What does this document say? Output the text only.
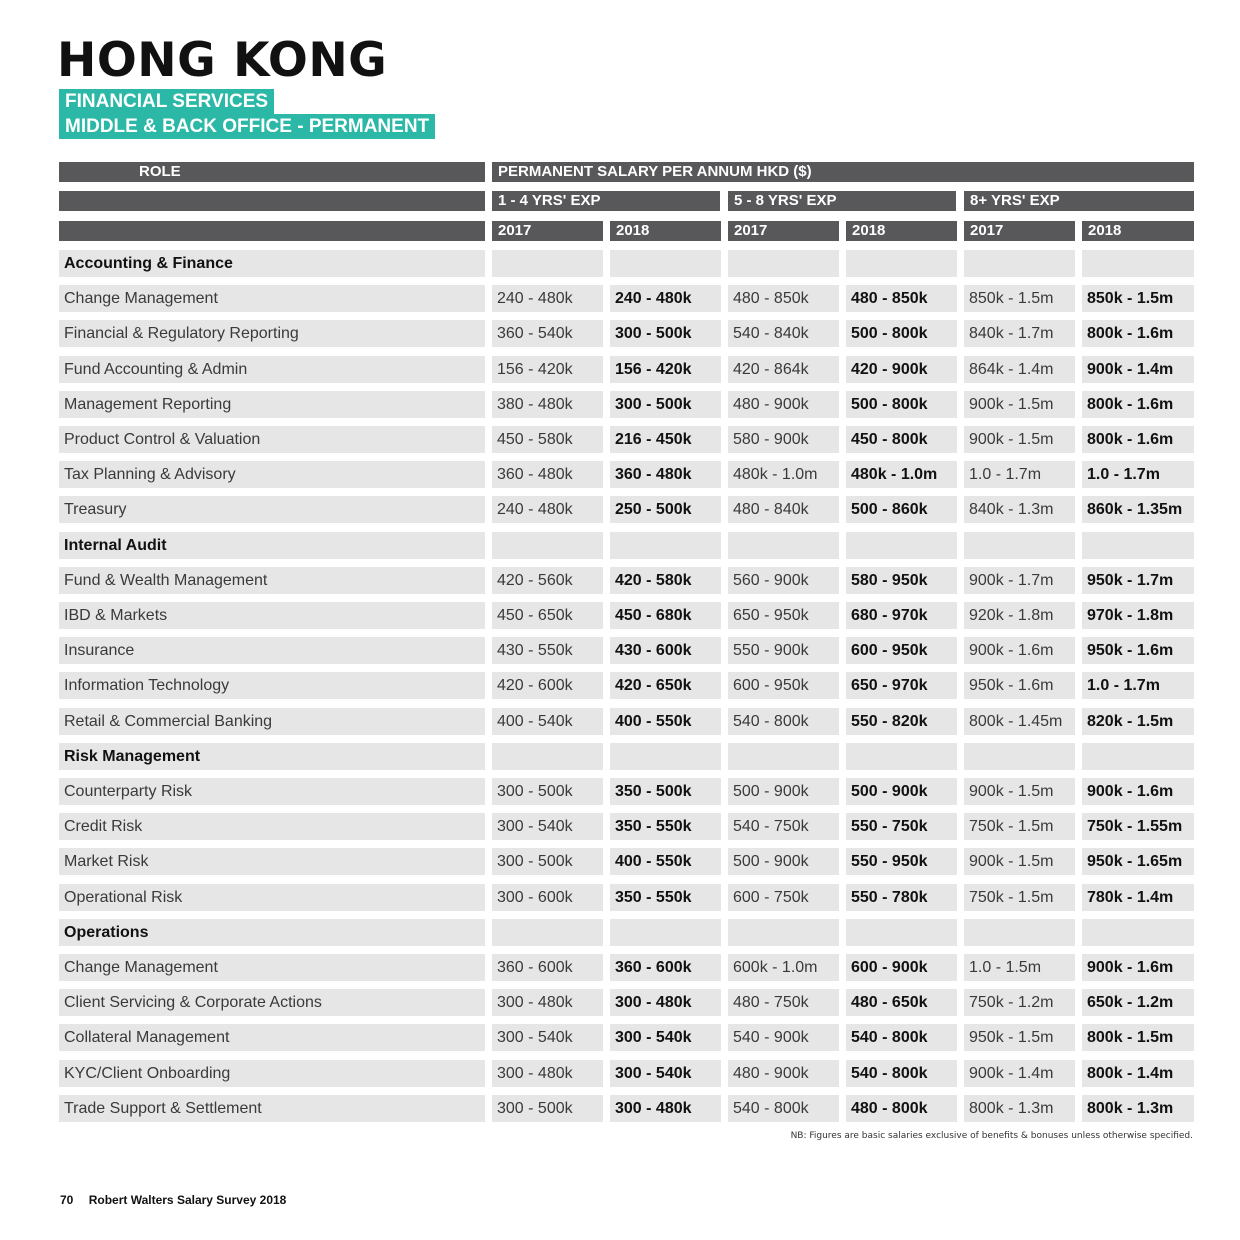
HONG KONG
FINANCIAL SERVICES
MIDDLE & BACK OFFICE - PERMANENT
ROLE	PERMANENT SALARY PER ANNUM HKD ($)
1 - 4 YRS' EXP	5 - 8 YRS' EXP	8+ YRS' EXP
2017	2018	2017	2018	2017	2018
Accounting & Finance
Change Management	240 - 480k	240 - 480k	480 - 850k	480 - 850k	850k - 1.5m	850k - 1.5m
Financial & Regulatory Reporting	360 - 540k	300 - 500k	540 - 840k	500 - 800k	840k - 1.7m	800k - 1.6m
Fund Accounting & Admin	156 - 420k	156 - 420k	420 - 864k	420 - 900k	864k - 1.4m	900k - 1.4m
Management Reporting	380 - 480k	300 - 500k	480 - 900k	500 - 800k	900k - 1.5m	800k - 1.6m
Product Control & Valuation	450 - 580k	216 - 450k	580 - 900k	450 - 800k	900k - 1.5m	800k - 1.6m
Tax Planning & Advisory	360 - 480k	360 - 480k	480k - 1.0m	480k - 1.0m	1.0 - 1.7m	1.0 - 1.7m
Treasury	240 - 480k	250 - 500k	480 - 840k	500 - 860k	840k - 1.3m	860k - 1.35m
Internal Audit
Fund & Wealth Management	420 - 560k	420 - 580k	560 - 900k	580 - 950k	900k - 1.7m	950k - 1.7m
IBD & Markets	450 - 650k	450 - 680k	650 - 950k	680 - 970k	920k - 1.8m	970k - 1.8m
Insurance	430 - 550k	430 - 600k	550 - 900k	600 - 950k	900k - 1.6m	950k - 1.6m
Information Technology	420 - 600k	420 - 650k	600 - 950k	650 - 970k	950k - 1.6m	1.0 - 1.7m
Retail & Commercial Banking	400 - 540k	400 - 550k	540 - 800k	550 - 820k	800k - 1.45m	820k - 1.5m
Risk Management
Counterparty Risk	300 - 500k	350 - 500k	500 - 900k	500 - 900k	900k - 1.5m	900k - 1.6m
Credit Risk	300 - 540k	350 - 550k	540 - 750k	550 - 750k	750k - 1.5m	750k - 1.55m
Market Risk	300 - 500k	400 - 550k	500 - 900k	550 - 950k	900k - 1.5m	950k - 1.65m
Operational Risk	300 - 600k	350 - 550k	600 - 750k	550 - 780k	750k - 1.5m	780k - 1.4m
Operations
Change Management	360 - 600k	360 - 600k	600k - 1.0m	600 - 900k	1.0 - 1.5m	900k - 1.6m
Client Servicing & Corporate Actions	300 - 480k	300 - 480k	480 - 750k	480 - 650k	750k - 1.2m	650k - 1.2m
Collateral Management	300 - 540k	300 - 540k	540 - 900k	540 - 800k	950k - 1.5m	800k - 1.5m
KYC/Client Onboarding	300 - 480k	300 - 540k	480 - 900k	540 - 800k	900k - 1.4m	800k - 1.4m
Trade Support & Settlement	300 - 500k	300 - 480k	540 - 800k	480 - 800k	800k - 1.3m	800k - 1.3m
NB: Figures are basic salaries exclusive of benefits & bonuses unless otherwise specified.
70 Robert Walters Salary Survey 2018
